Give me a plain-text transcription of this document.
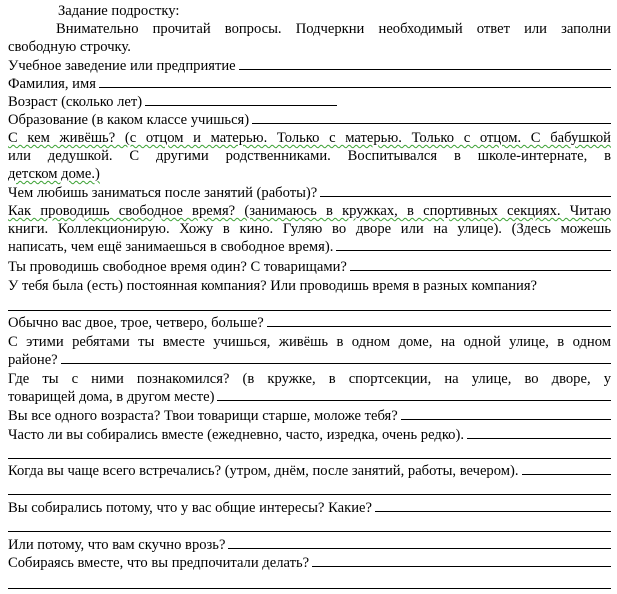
Задание подростку:
Внимательно прочитай вопросы. Подчеркни необходимый ответ или заполни
свободную строчку.
Учебное заведение или предприятие
Фамилия, имя
Возраст (сколько лет)
Образование (в каком классе учишься)
С кем живёшь? (с отцом и матерью. Только с матерью. Только с отцом. С бабушкой
или дедушкой. С другими родственниками. Воспитывался в школе-интернате, в
детском доме.)
Чем любишь заниматься после занятий (работы)?
Как проводишь свободное время? (занимаюсь в кружках, в спортивных секциях. Читаю
книги. Коллекционирую. Хожу в кино. Гуляю во дворе или на улице). (Здесь можешь
написать, чем ещё занимаешься в свободное время).
Ты проводишь свободное время один? С товарищами?
У тебя была (есть) постоянная компания? Или проводишь время в разных компания?
Обычно вас двое, трое, четверо, больше?
С этими ребятами ты вместе учишься, живёшь в одном доме, на одной улице, в одном
районе?
Где ты с ними познакомился? (в кружке, в спортсекции, на улице, во дворе, у
товарищей дома, в другом месте)
Вы все одного возраста? Твои товарищи старше, моложе тебя?
Часто ли вы собирались вместе (ежедневно, часто, изредка, очень редко).
Когда вы чаще всего встречались? (утром, днём, после занятий, работы, вечером).
Вы собирались потому, что у вас общие интересы? Какие?
Или потому, что вам скучно врозь?
Собираясь вместе, что вы предпочитали делать?
